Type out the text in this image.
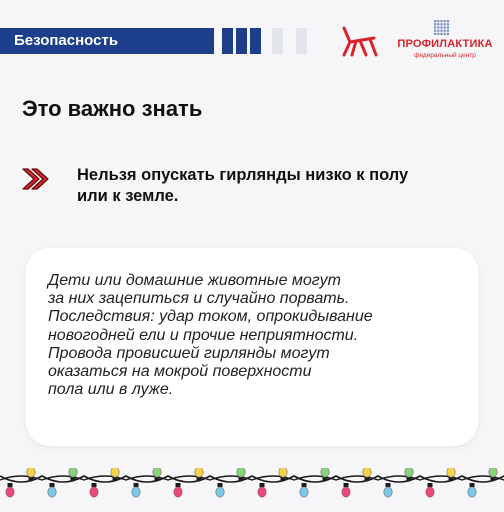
Безопасность	ПРОФИЛАКТИКА
федеральный центр
Это важно знать
Нельзя опускать гирлянды низко к полу
или к земле.
Дети или домашние животные могут
за них зацепиться и случайно порвать.
Последствия: удар током, опрокидывание
новогодней ели и прочие неприятности.
Провода провисшей гирлянды могут
оказаться на мокрой поверхности
пола или в луже.
